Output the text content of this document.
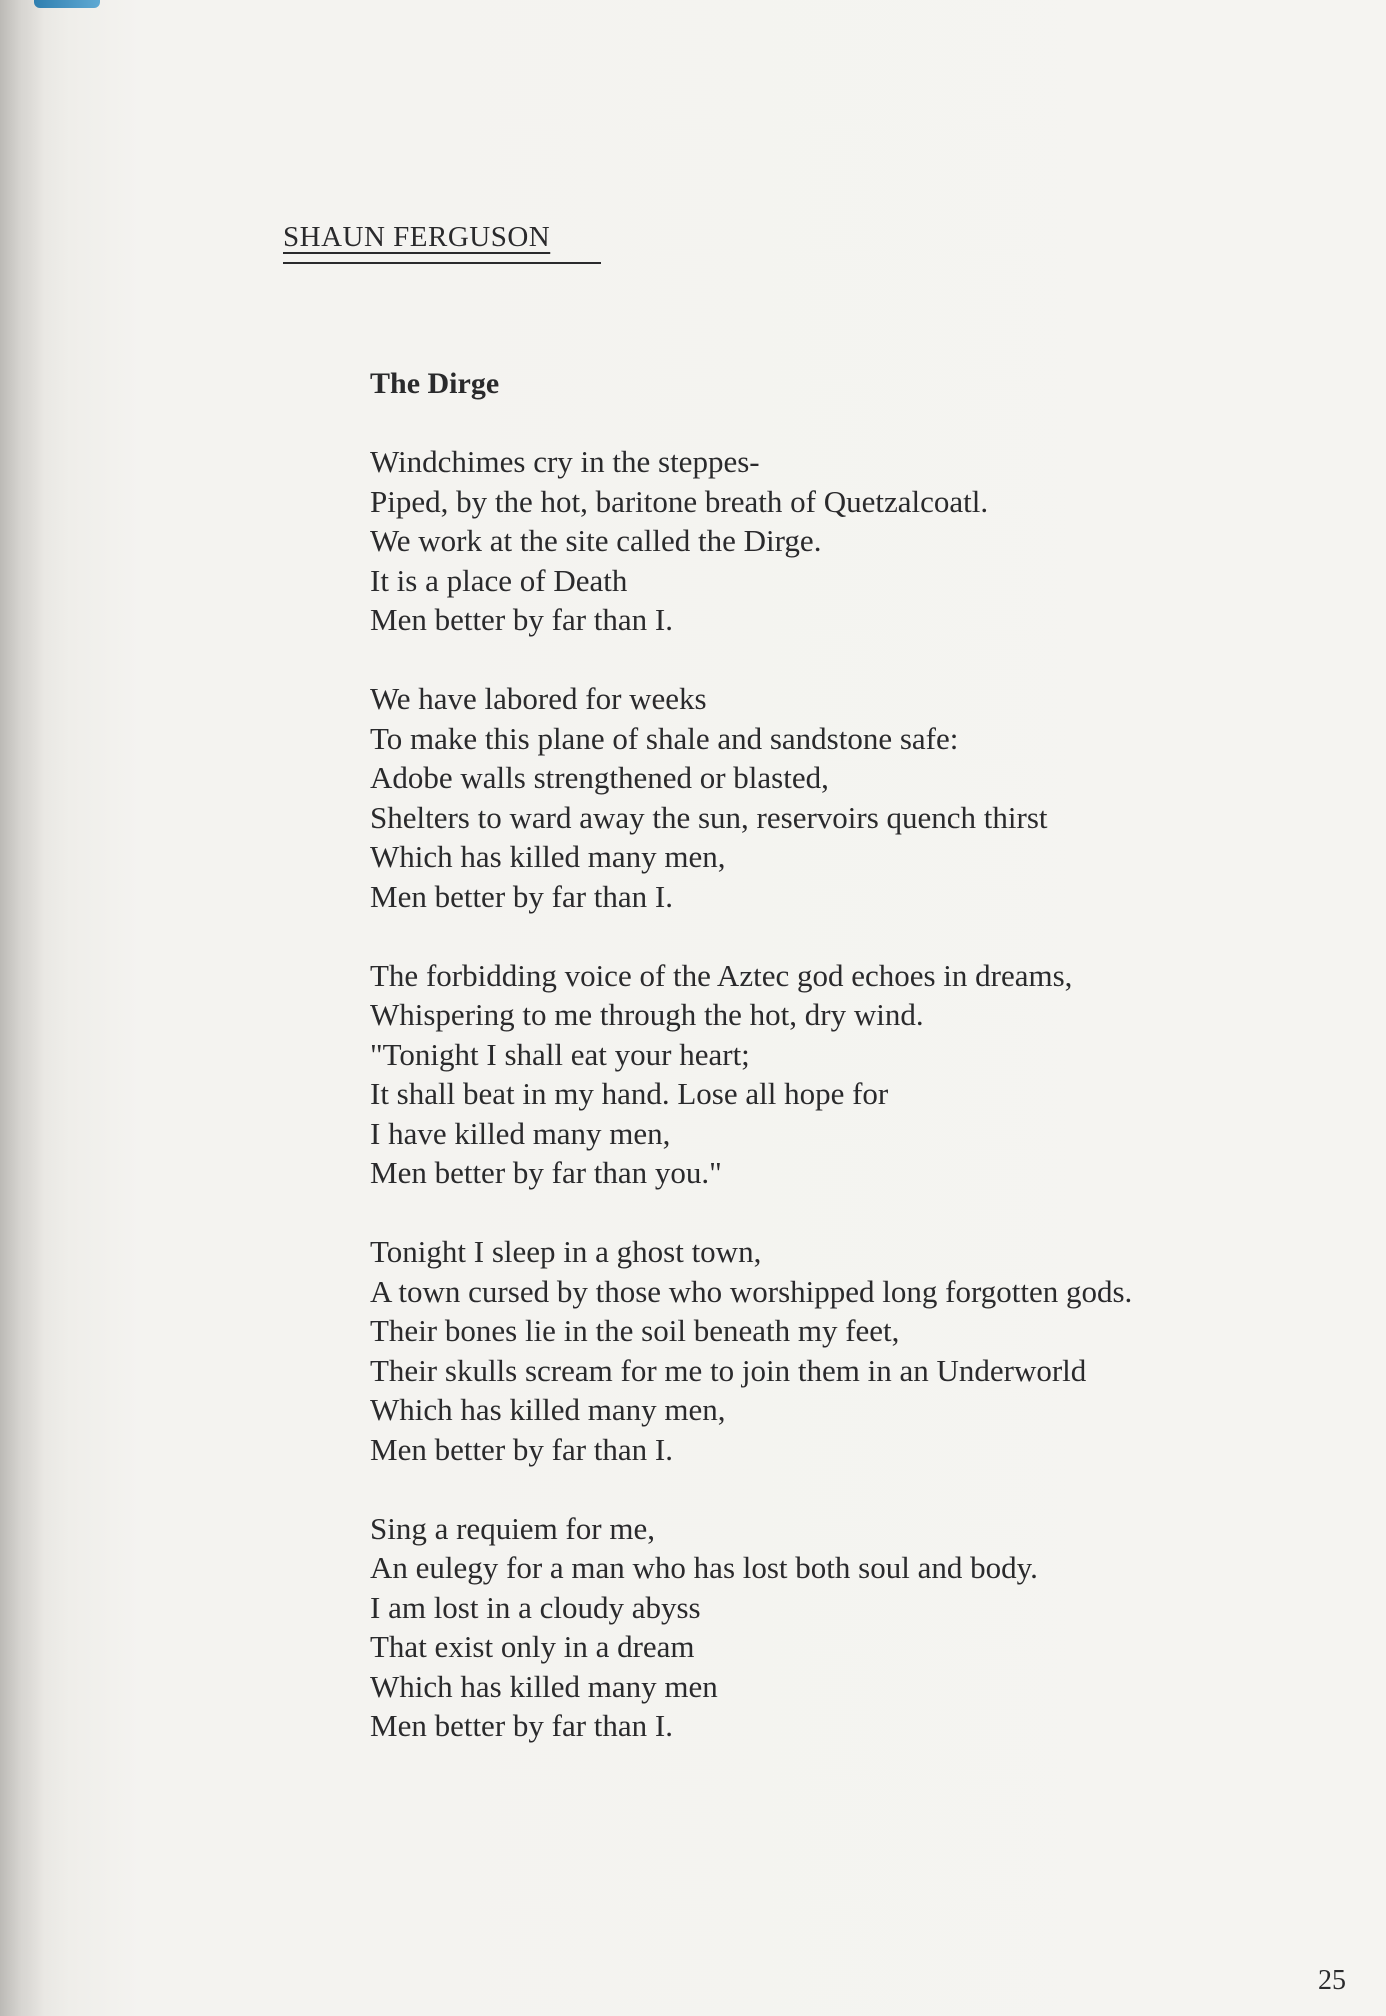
SHAUN FERGUSON
The Dirge
Windchimes cry in the steppes-
Piped, by the hot, baritone breath of Quetzalcoatl.
We work at the site called the Dirge.
It is a place of Death
Men better by far than I.
We have labored for weeks
To make this plane of shale and sandstone safe:
Adobe walls strengthened or blasted,
Shelters to ward away the sun, reservoirs quench thirst
Which has killed many men,
Men better by far than I.
The forbidding voice of the Aztec god echoes in dreams,
Whispering to me through the hot, dry wind.
"Tonight I shall eat your heart;
It shall beat in my hand. Lose all hope for
I have killed many men,
Men better by far than you."
Tonight I sleep in a ghost town,
A town cursed by those who worshipped long forgotten gods.
Their bones lie in the soil beneath my feet,
Their skulls scream for me to join them in an Underworld
Which has killed many men,
Men better by far than I.
Sing a requiem for me,
An eulegy for a man who has lost both soul and body.
I am lost in a cloudy abyss
That exist only in a dream
Which has killed many men
Men better by far than I.
25
